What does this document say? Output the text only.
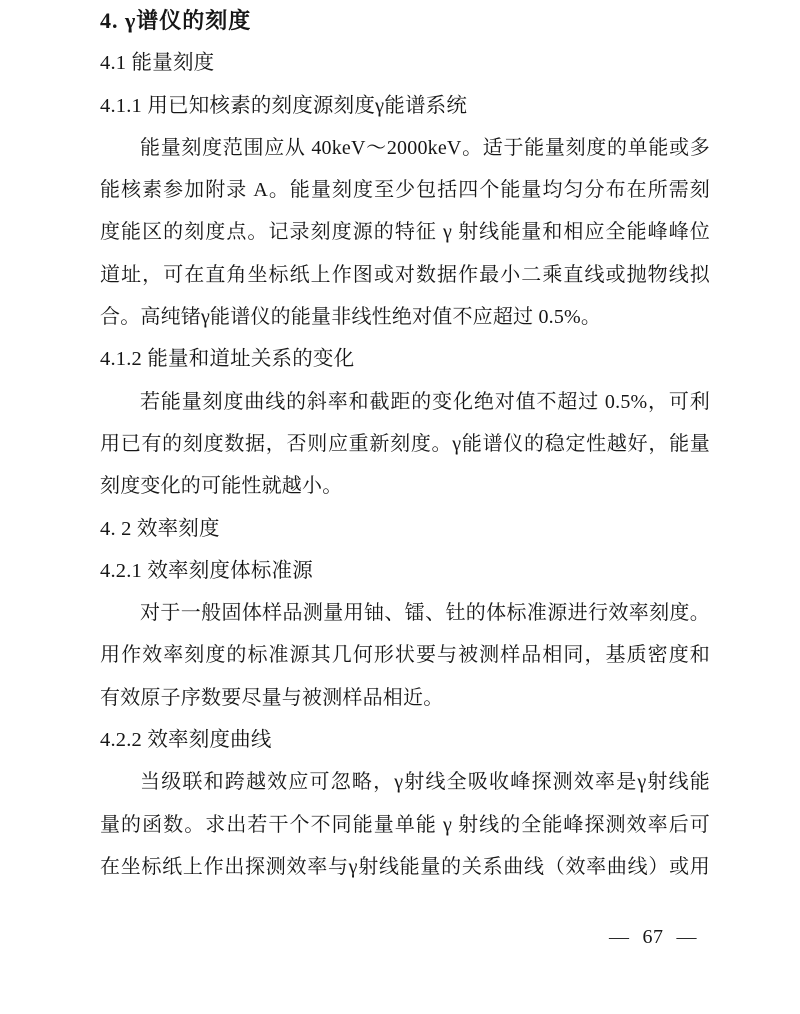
4. γ谱仪的刻度
4.1 能量刻度
4.1.1 用已知核素的刻度源刻度γ能谱系统
能量刻度范围应从 40keV～2000keV。适于能量刻度的单能或多
能核素参加附录 A。能量刻度至少包括四个能量均匀分布在所需刻
度能区的刻度点。记录刻度源的特征 γ 射线能量和相应全能峰峰位
道址，可在直角坐标纸上作图或对数据作最小二乘直线或抛物线拟
合。高纯锗γ能谱仪的能量非线性绝对值不应超过 0.5%。
4.1.2 能量和道址关系的变化
若能量刻度曲线的斜率和截距的变化绝对值不超过 0.5%，可利
用已有的刻度数据，否则应重新刻度。γ能谱仪的稳定性越好，能量
刻度变化的可能性就越小。
4. 2 效率刻度
4.2.1 效率刻度体标准源
对于一般固体样品测量用铀、镭、钍的体标准源进行效率刻度。
用作效率刻度的标准源其几何形状要与被测样品相同，基质密度和
有效原子序数要尽量与被测样品相近。
4.2.2 效率刻度曲线
当级联和跨越效应可忽略，γ射线全吸收峰探测效率是γ射线能
量的函数。求出若干个不同能量单能 γ 射线的全能峰探测效率后可
在坐标纸上作出探测效率与γ射线能量的关系曲线（效率曲线）或用
— 67 —
